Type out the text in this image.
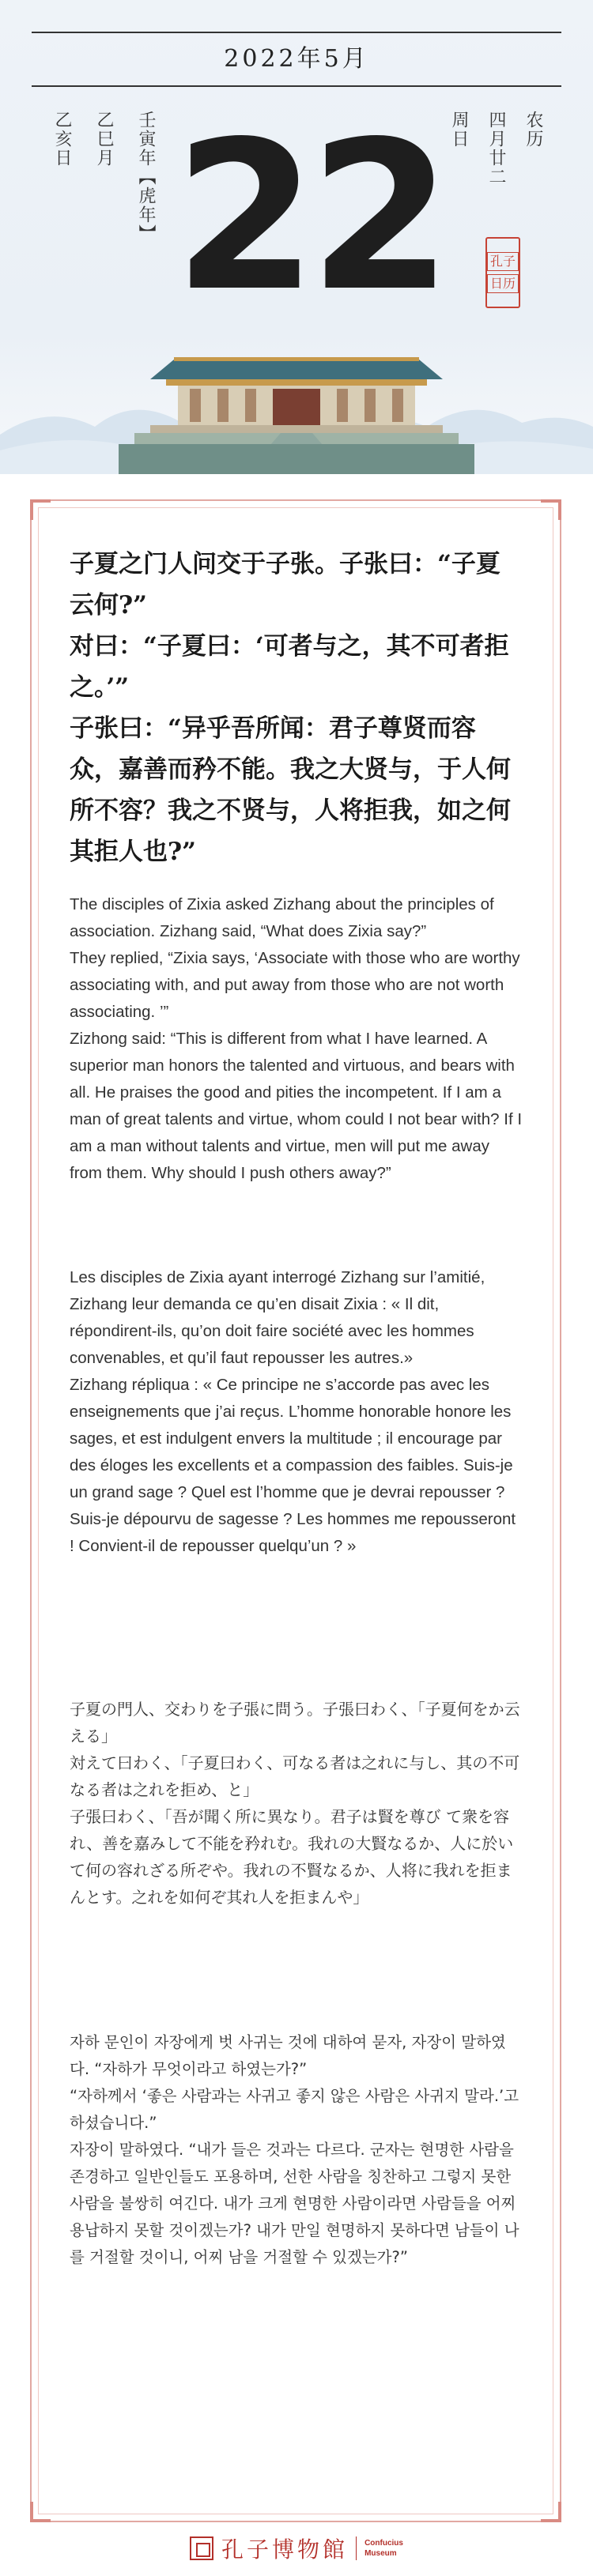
2022年5月
壬寅年【虎年】
乙巳月
乙亥日 22	农历
四月廿二
周日
孔子
日历

子夏之门人问交于子张。子张曰：“子夏云何?”

对曰：“子夏曰：‘可者与之，其不可者拒之。’”

子张曰：“异乎吾所闻：君子尊贤而容众，嘉善而矜不能。我之大贤与，于人何所不容？我之不贤与，人将拒我，如之何其拒人也?”

The disciples of Zixia asked Zizhang about the principles of association. Zizhang said, “What does Zixia say?”

They replied, “Zixia says, ‘Associate with those who are worthy associating with, and put away from those who are not worth associating. ’”

Zizhong said: “This is different from what I have learned. A superior man honors the talented and virtuous, and bears with all. He praises the good and pities the incompetent. If I am a man of great talents and virtue, whom could I not bear with? If I am a man without talents and virtue, men will put me away from them. Why should I push others away?”

Les disciples de Zixia ayant interrogé Zizhang sur l’amitié, Zizhang leur demanda ce qu’en disait Zixia : « Il dit, répondirent-ils, qu’on doit faire société avec les hommes convenables, et qu’il faut repousser les autres.»

Zizhang répliqua : « Ce principe ne s’accorde pas avec les enseignements que j’ai reçus. L’homme honorable honore les sages, et est indulgent envers la multitude ; il encourage par des éloges les excellents et a compassion des faibles. Suis-je un grand sage ? Quel est l’homme que je devrai repousser ? Suis-je dépourvu de sagesse ? Les hommes me repousseront ! Convient-il de repousser quelqu’un ? »

子夏の門人、交わりを子張に問う。子張曰わく、「子夏何をか云える」

対えて曰わく、「子夏曰わく、可なる者は之れに与し、其の不可なる者は之れを拒め、と」

子張曰わく、「吾が聞く所に異なり。君子は賢を尊び て衆を容れ、善を嘉みして不能を矜れむ。我れの大賢なるか、人に於いて何の容れざる所ぞや。我れの不賢なるか、人将に我れを拒まんとす。之れを如何ぞ其れ人を拒まんや」

자하 문인이 자장에게 벗 사귀는 것에 대하여 묻자, 자장이 말하였다. “자하가 무엇이라고 하였는가?”

“자하께서 ‘좋은 사람과는 사귀고 좋지 않은 사람은 사귀지 말라.’고 하셨습니다.”

자장이 말하였다. “내가 들은 것과는 다르다. 군자는 현명한 사람을 존경하고 일반인들도 포용하며, 선한 사람을 칭찬하고 그렇지 못한 사람을 불쌍히 여긴다. 내가 크게 현명한 사람이라면 사람들을 어찌 용납하지 못할 것이겠는가? 내가 만일 현명하지 못하다면 남들이 나를 거절할 것이니, 어찌 남을 거절할 수 있겠는가?”

孔子博物館 Confucius
Museum
